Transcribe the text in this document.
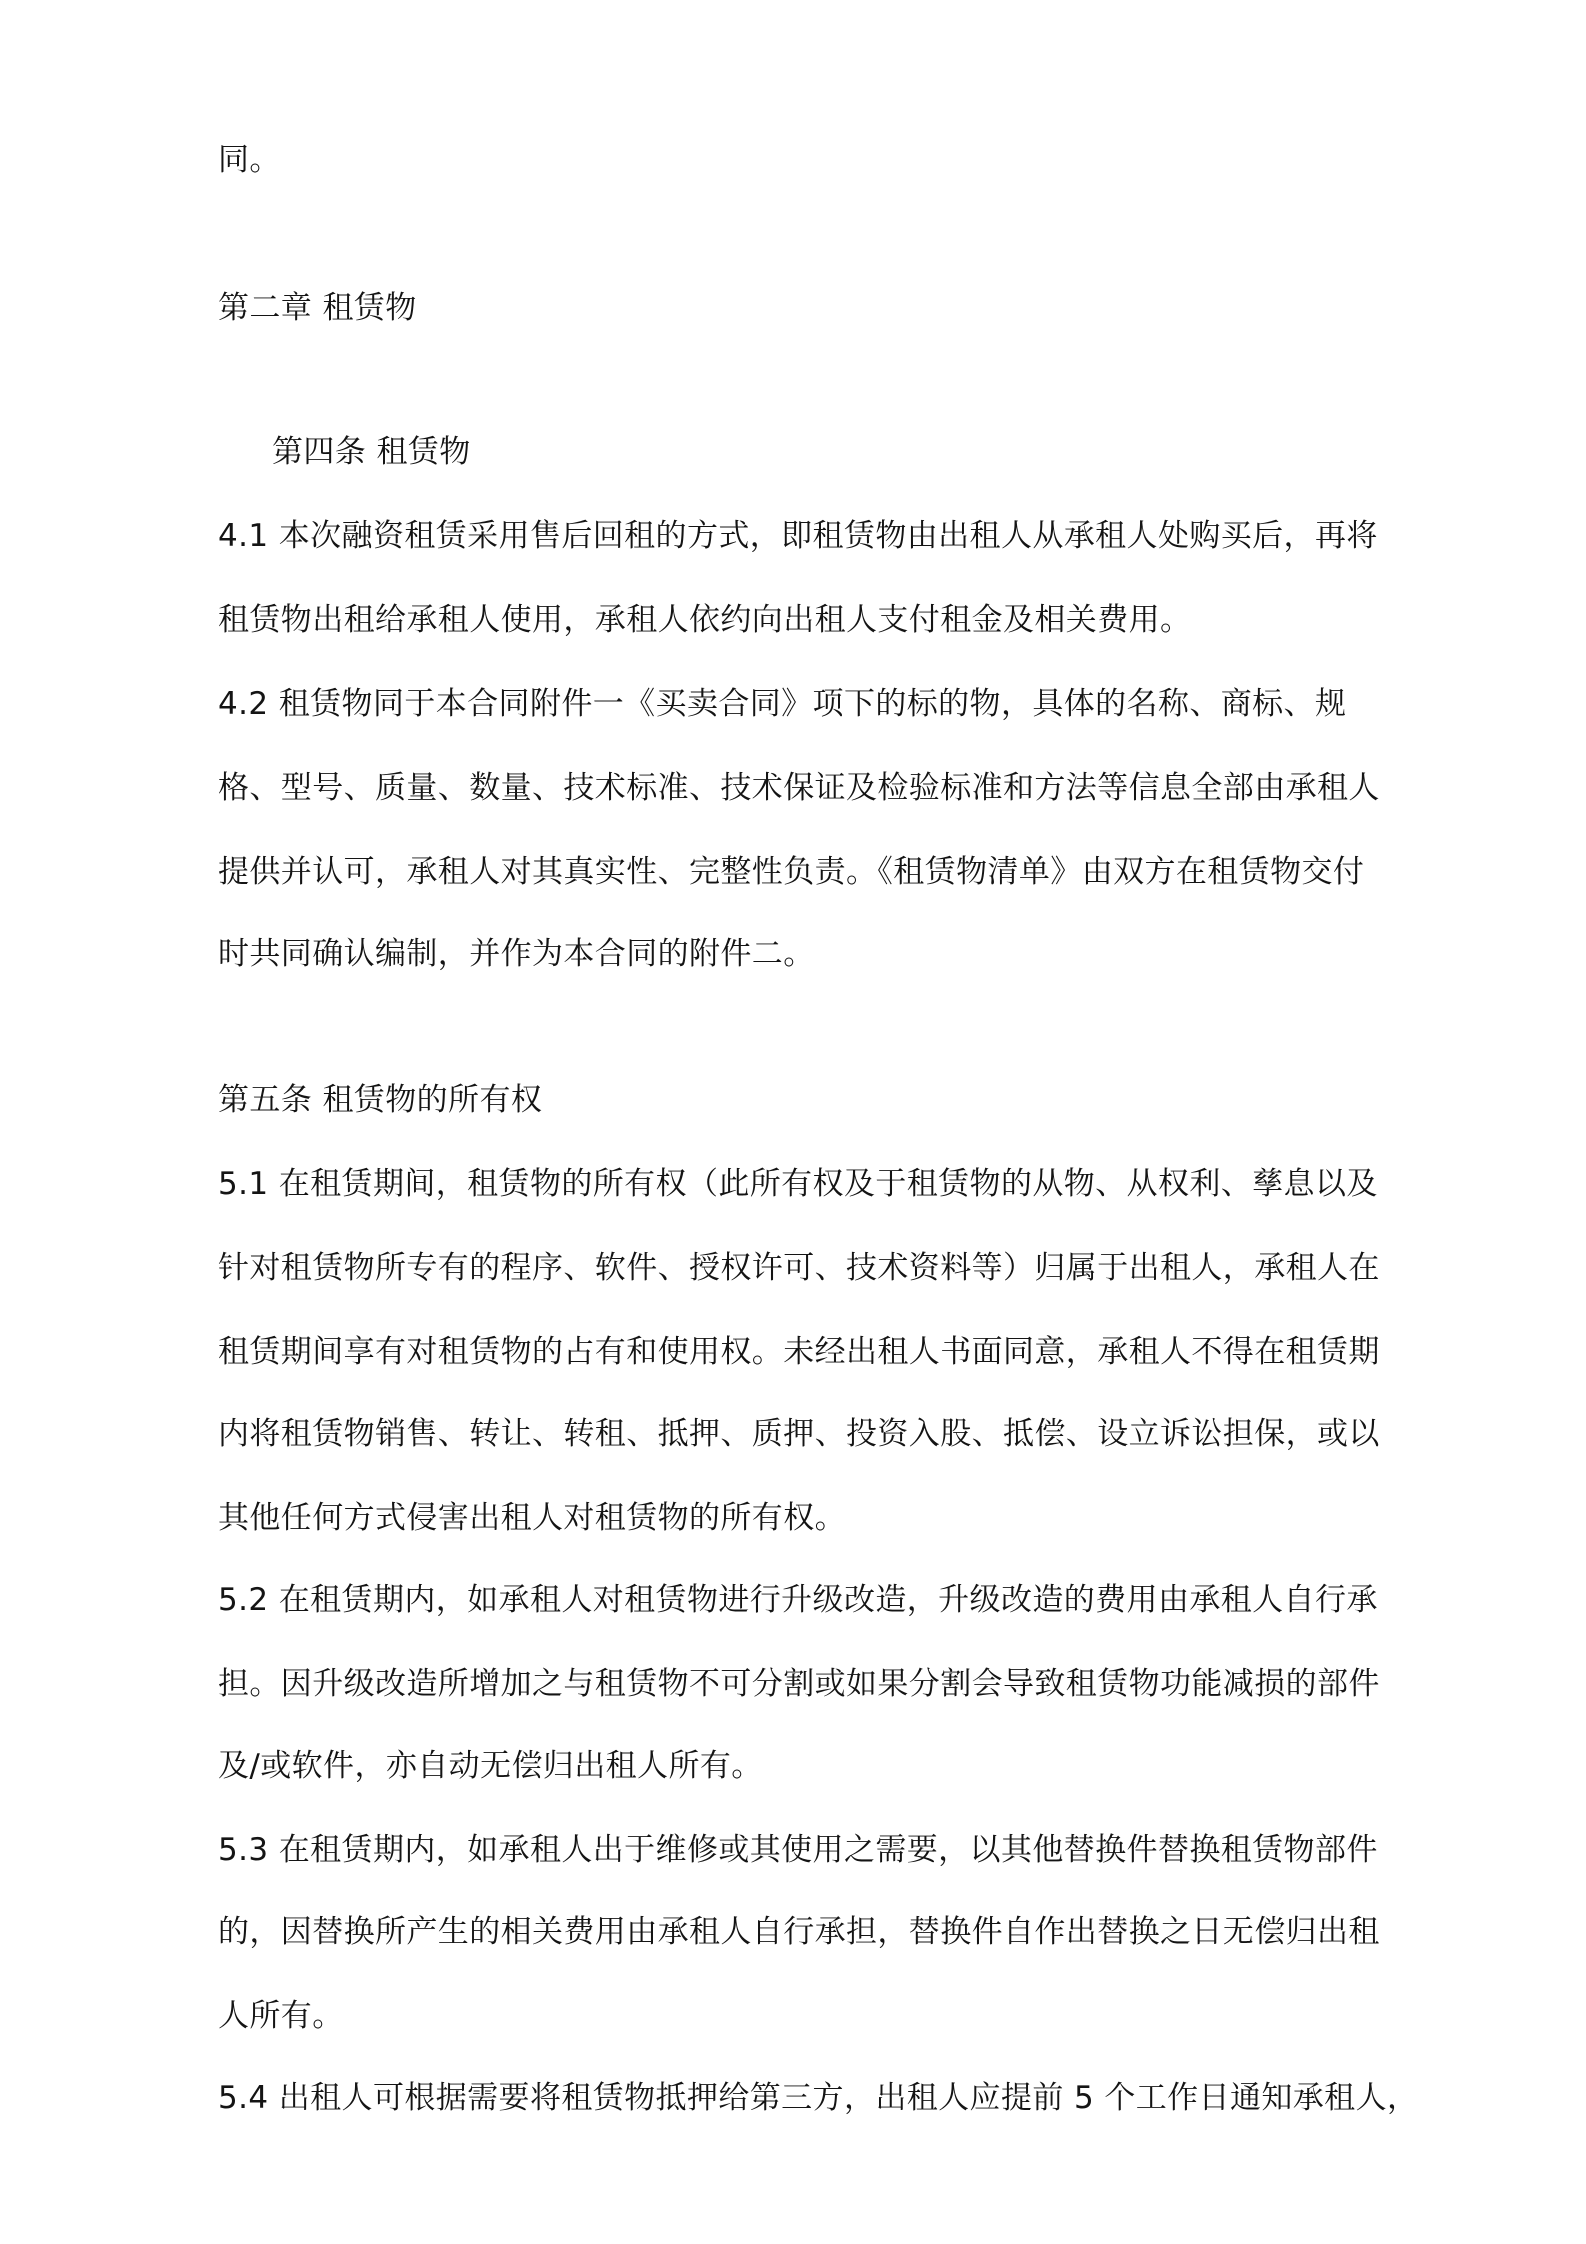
同。
第二章 租赁物
第四条 租赁物
4.1 本次融资租赁采用售后回租的方式，即租赁物由出租人从承租人处购买后，再将
租赁物出租给承租人使用，承租人依约向出租人支付租金及相关费用。
4.2 租赁物同于本合同附件一《买卖合同》项下的标的物，具体的名称、商标、规
格、型号、质量、数量、技术标准、技术保证及检验标准和方法等信息全部由承租人
提供并认可，承租人对其真实性、完整性负责。《租赁物清单》由双方在租赁物交付
时共同确认编制，并作为本合同的附件二。
第五条 租赁物的所有权
5.1 在租赁期间，租赁物的所有权（此所有权及于租赁物的从物、从权利、孳息以及
针对租赁物所专有的程序、软件、授权许可、技术资料等）归属于出租人，承租人在
租赁期间享有对租赁物的占有和使用权。未经出租人书面同意，承租人不得在租赁期
内将租赁物销售、转让、转租、抵押、质押、投资入股、抵偿、设立诉讼担保，或以
其他任何方式侵害出租人对租赁物的所有权。
5.2 在租赁期内，如承租人对租赁物进行升级改造，升级改造的费用由承租人自行承
担。因升级改造所增加之与租赁物不可分割或如果分割会导致租赁物功能减损的部件
及/或软件，亦自动无偿归出租人所有。
5.3 在租赁期内，如承租人出于维修或其使用之需要，以其他替换件替换租赁物部件
的，因替换所产生的相关费用由承租人自行承担，替换件自作出替换之日无偿归出租
人所有。
5.4 出租人可根据需要将租赁物抵押给第三方，出租人应提前 5 个工作日通知承租人，
